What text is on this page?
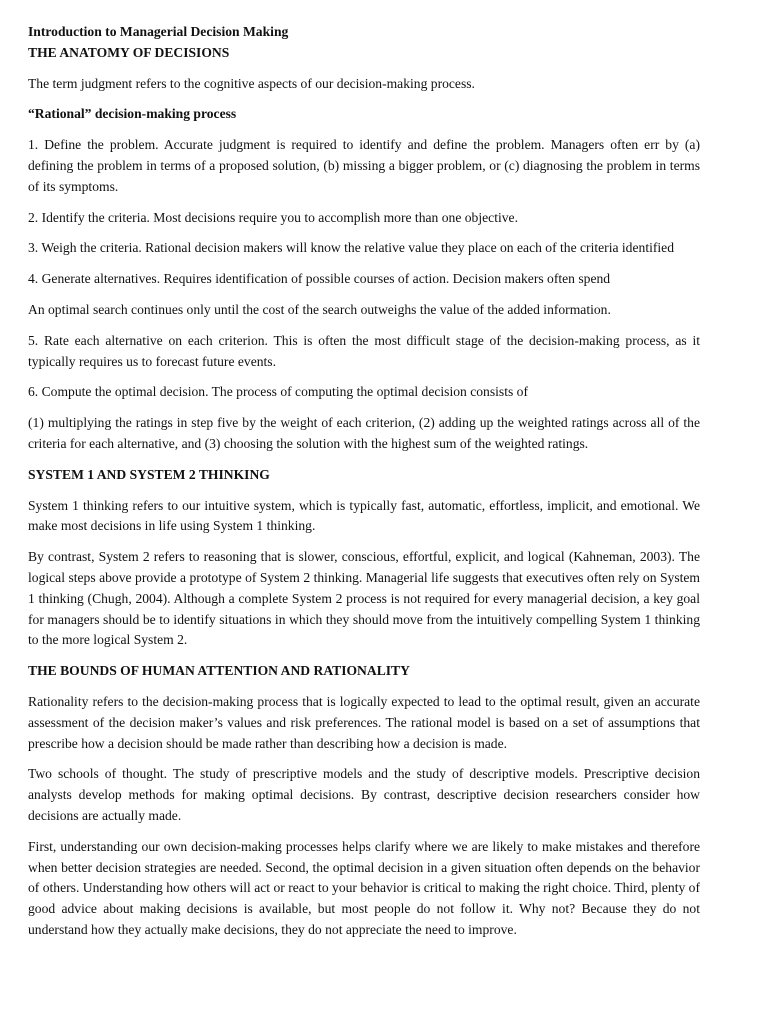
Introduction to Managerial Decision Making

THE ANATOMY OF DECISIONS

The term judgment refers to the cognitive aspects of our decision-making process.

“Rational” decision-making process

1. Define the problem. Accurate judgment is required to identify and define the problem. Managers often err by (a) defining the problem in terms of a proposed solution, (b) missing a bigger problem, or (c) diagnosing the problem in terms of its symptoms.

2. Identify the criteria. Most decisions require you to accomplish more than one objective.

3. Weigh the criteria. Rational decision makers will know the relative value they place on each of the criteria identified

4. Generate alternatives. Requires identification of possible courses of action. Decision makers often spend

An optimal search continues only until the cost of the search outweighs the value of the added information.

5. Rate each alternative on each criterion. This is often the most difficult stage of the decision-making process, as it typically requires us to forecast future events.

6. Compute the optimal decision. The process of computing the optimal decision consists of

(1) multiplying the ratings in step five by the weight of each criterion, (2) adding up the weighted ratings across all of the criteria for each alternative, and (3) choosing the solution with the highest sum of the weighted ratings.

SYSTEM 1 AND SYSTEM 2 THINKING

System 1 thinking refers to our intuitive system, which is typically fast, automatic, effortless, implicit, and emotional. We make most decisions in life using System 1 thinking.

By contrast, System 2 refers to reasoning that is slower, conscious, effortful, explicit, and logical (Kahneman, 2003). The logical steps above provide a prototype of System 2 thinking. Managerial life suggests that executives often rely on System 1 thinking (Chugh, 2004). Although a complete System 2 process is not required for every managerial decision, a key goal for managers should be to identify situations in which they should move from the intuitively compelling System 1 thinking to the more logical System 2.

THE BOUNDS OF HUMAN ATTENTION AND RATIONALITY

Rationality refers to the decision-making process that is logically expected to lead to the optimal result, given an accurate assessment of the decision maker’s values and risk preferences. The rational model is based on a set of assumptions that prescribe how a decision should be made rather than describing how a decision is made.

Two schools of thought. The study of prescriptive models and the study of descriptive models. Prescriptive decision analysts develop methods for making optimal decisions. By contrast, descriptive decision researchers consider how decisions are actually made.

First, understanding our own decision-making processes helps clarify where we are likely to make mistakes and therefore when better decision strategies are needed. Second, the optimal decision in a given situation often depends on the behavior of others. Understanding how others will act or react to your behavior is critical to making the right choice. Third, plenty of good advice about making decisions is available, but most people do not follow it. Why not? Because they do not understand how they actually make decisions, they do not appreciate the need to improve.
